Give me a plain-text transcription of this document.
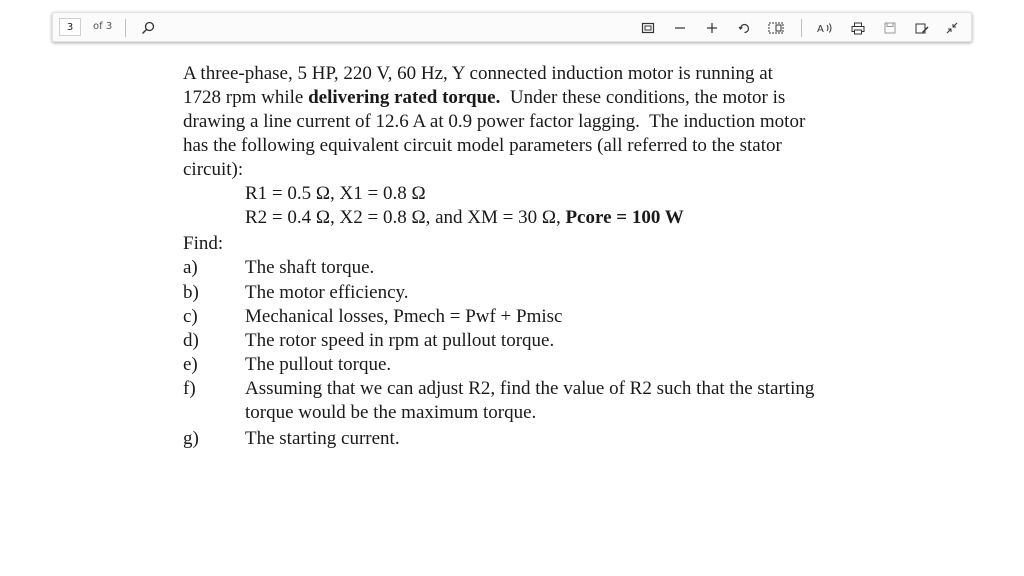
3	of 3	A
A three-phase, 5 HP, 220 V, 60 Hz, Y connected induction motor is running at
1728 rpm while delivering rated torque.  Under these conditions, the motor is
drawing a line current of 12.6 A at 0.9 power factor lagging.  The induction motor
has the following equivalent circuit model parameters (all referred to the stator
circuit):
R1 = 0.5 Ω, X1 = 0.8 Ω
R2 = 0.4 Ω, X2 = 0.8 Ω, and XM = 30 Ω, Pcore = 100 W
Find:
a) The shaft torque.
b) The motor efficiency.
c) Mechanical losses, Pmech = Pwf + Pmisc
d) The rotor speed in rpm at pullout torque.
e) The pullout torque.
f)	Assuming that we can adjust R2, find the value of R2 such that the starting
torque would be the maximum torque.
g) The starting current.
